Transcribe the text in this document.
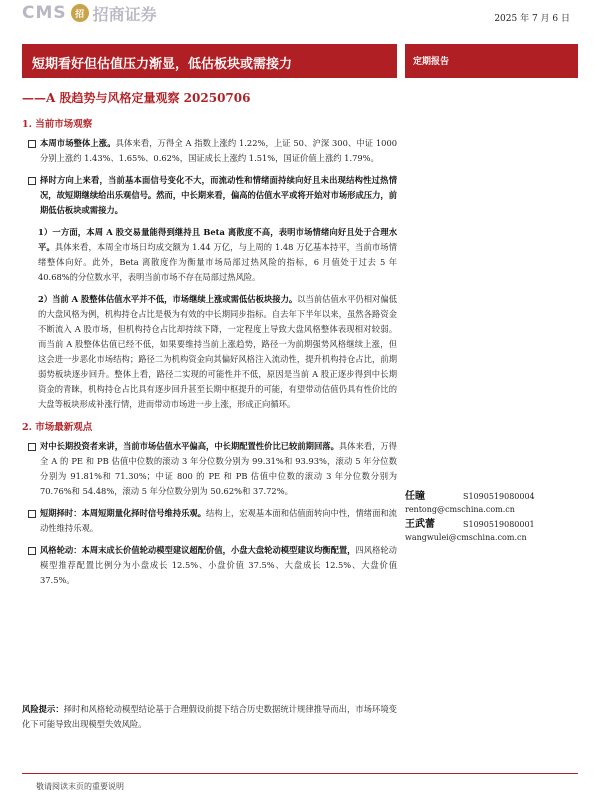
CMS 招 招商证券	2025 年 7 月 6 日
短期看好但估值压力渐显，低估板块或需接力	定期报告
——A 股趋势与风格定量观察 20250706
1. 当前市场观察
本周市场整体上涨。具体来看，万得全 A 指数上涨约 1.22%，上证 50、沪深 300、中证 1000 分别上涨约 1.43%、1.65%、0.62%，国证成长上涨约 1.51%，国证价值上涨约 1.79%。
择时方向上来看，当前基本面信号变化不大，而流动性和情绪面持续向好且未出现结构性过热情况，故短期继续给出乐观信号。然而，中长期来看，偏高的估值水平或将开始对市场形成压力，前期低估板块或需接力。
1）一方面，本周 A 股交易量能得到继持且 Beta 离散度不高，表明市场情绪向好且处于合理水平。具体来看，本周全市场日均成交额为 1.44 万亿，与上周的 1.48 万亿基本持平，当前市场情绪整体向好。此外，Beta 离散度作为衡量市场局部过热风险的指标，6 月值处于过去 5 年 40.68%的分位数水平，表明当前市场不存在局部过热风险。
2）当前 A 股整体估值水平并不低，市场继续上涨或需低估板块接力。以当前估值水平仍相对偏低的大盘风格为例，机构持仓占比是极为有效的中长期同步指标。自去年下半年以来，虽然各路资金不断流入 A 股市场，但机构持仓占比却持续下降，一定程度上导致大盘风格整体表现相对较弱。而当前 A 股整体估值已经不低，如果要维持当前上涨趋势，路径一为前期强势风格继续上涨，但这会进一步恶化市场结构；路径二为机构资金向其偏好风格注入流动性，提升机构持仓占比，前期弱势板块逐步回升。整体上看，路径二实现的可能性并不低，原因是当前 A 股正逐步得到中长期资金的青睐，机构持仓占比具有逐步回升甚至长期中枢提升的可能，有望带动估值仍具有性价比的大盘等板块形成补涨行情，进而带动市场进一步上涨，形成正向循环。
2. 市场最新观点
对中长期投资者来讲，当前市场估值水平偏高，中长期配置性价比已较前期回落。具体来看，万得全 A 的 PE 和 PB 估值中位数的滚动 3 年分位数分别为 99.31%和 93.93%，滚动 5 年分位数分别为 91.81%和 71.30%；中证 800 的 PE 和 PB 估值中位数的滚动 3 年分位数分别为 70.76%和 54.48%，滚动 5 年分位数分别为 50.62%和 37.72%。
短期择时：本周短期量化择时信号维持乐观。结构上，宏观基本面和估值面转向中性，情绪面和流动性维持乐观。
风格轮动：本周末成长价值轮动模型建议超配价值，小盘大盘轮动模型建议均衡配置，四风格轮动模型推荐配置比例分为小盘成长 12.5%、小盘价值 37.5%、大盘成长 12.5%、大盘价值 37.5%。
风险提示：择时和风格轮动模型结论基于合理假设前提下结合历史数据统计规律推导而出，市场环境变化下可能导致出现模型失效风险。
任瞳	S1090519080004
rentong@cmschina.com.cn
王武蕾	S1090519080001
wangwulei@cmschina.com.cn
敬请阅读末页的重要说明
